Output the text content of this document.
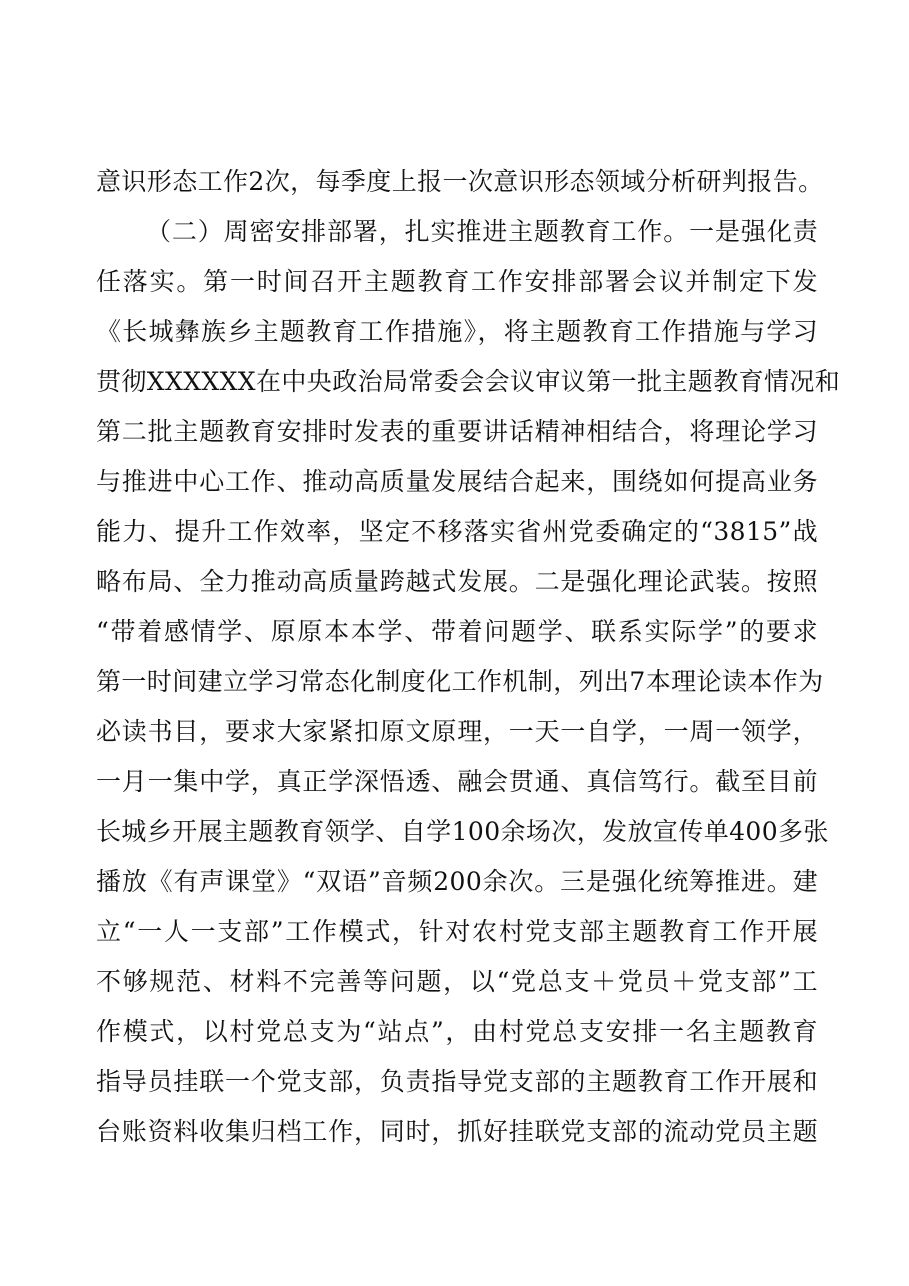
意识形态工作2次，每季度上报一次意识形态领域分析研判报告。
（二）周密安排部署，扎实推进主题教育工作。一是强化责
任落实。第一时间召开主题教育工作安排部署会议并制定下发
《长城彝族乡主题教育工作措施》，将主题教育工作措施与学习
贯彻XXXXXX在中央政治局常委会会议审议第一批主题教育情况和
第二批主题教育安排时发表的重要讲话精神相结合，将理论学习
与推进中心工作、推动高质量发展结合起来，围绕如何提高业务
能力、提升工作效率，坚定不移落实省州党委确定的“3815”战
略布局、全力推动高质量跨越式发展。二是强化理论武装。按照
“带着感情学、原原本本学、带着问题学、联系实际学”的要求
第一时间建立学习常态化制度化工作机制，列出7本理论读本作为
必读书目，要求大家紧扣原文原理，一天一自学，一周一领学，
一月一集中学，真正学深悟透、融会贯通、真信笃行。截至目前
长城乡开展主题教育领学、自学100余场次，发放宣传单400多张
播放《有声课堂》“双语”音频200余次。三是强化统筹推进。建
立“一人一支部”工作模式，针对农村党支部主题教育工作开展
不够规范、材料不完善等问题，以“党总支＋党员＋党支部”工
作模式，以村党总支为“站点”，由村党总支安排一名主题教育
指导员挂联一个党支部，负责指导党支部的主题教育工作开展和
台账资料收集归档工作，同时，抓好挂联党支部的流动党员主题
